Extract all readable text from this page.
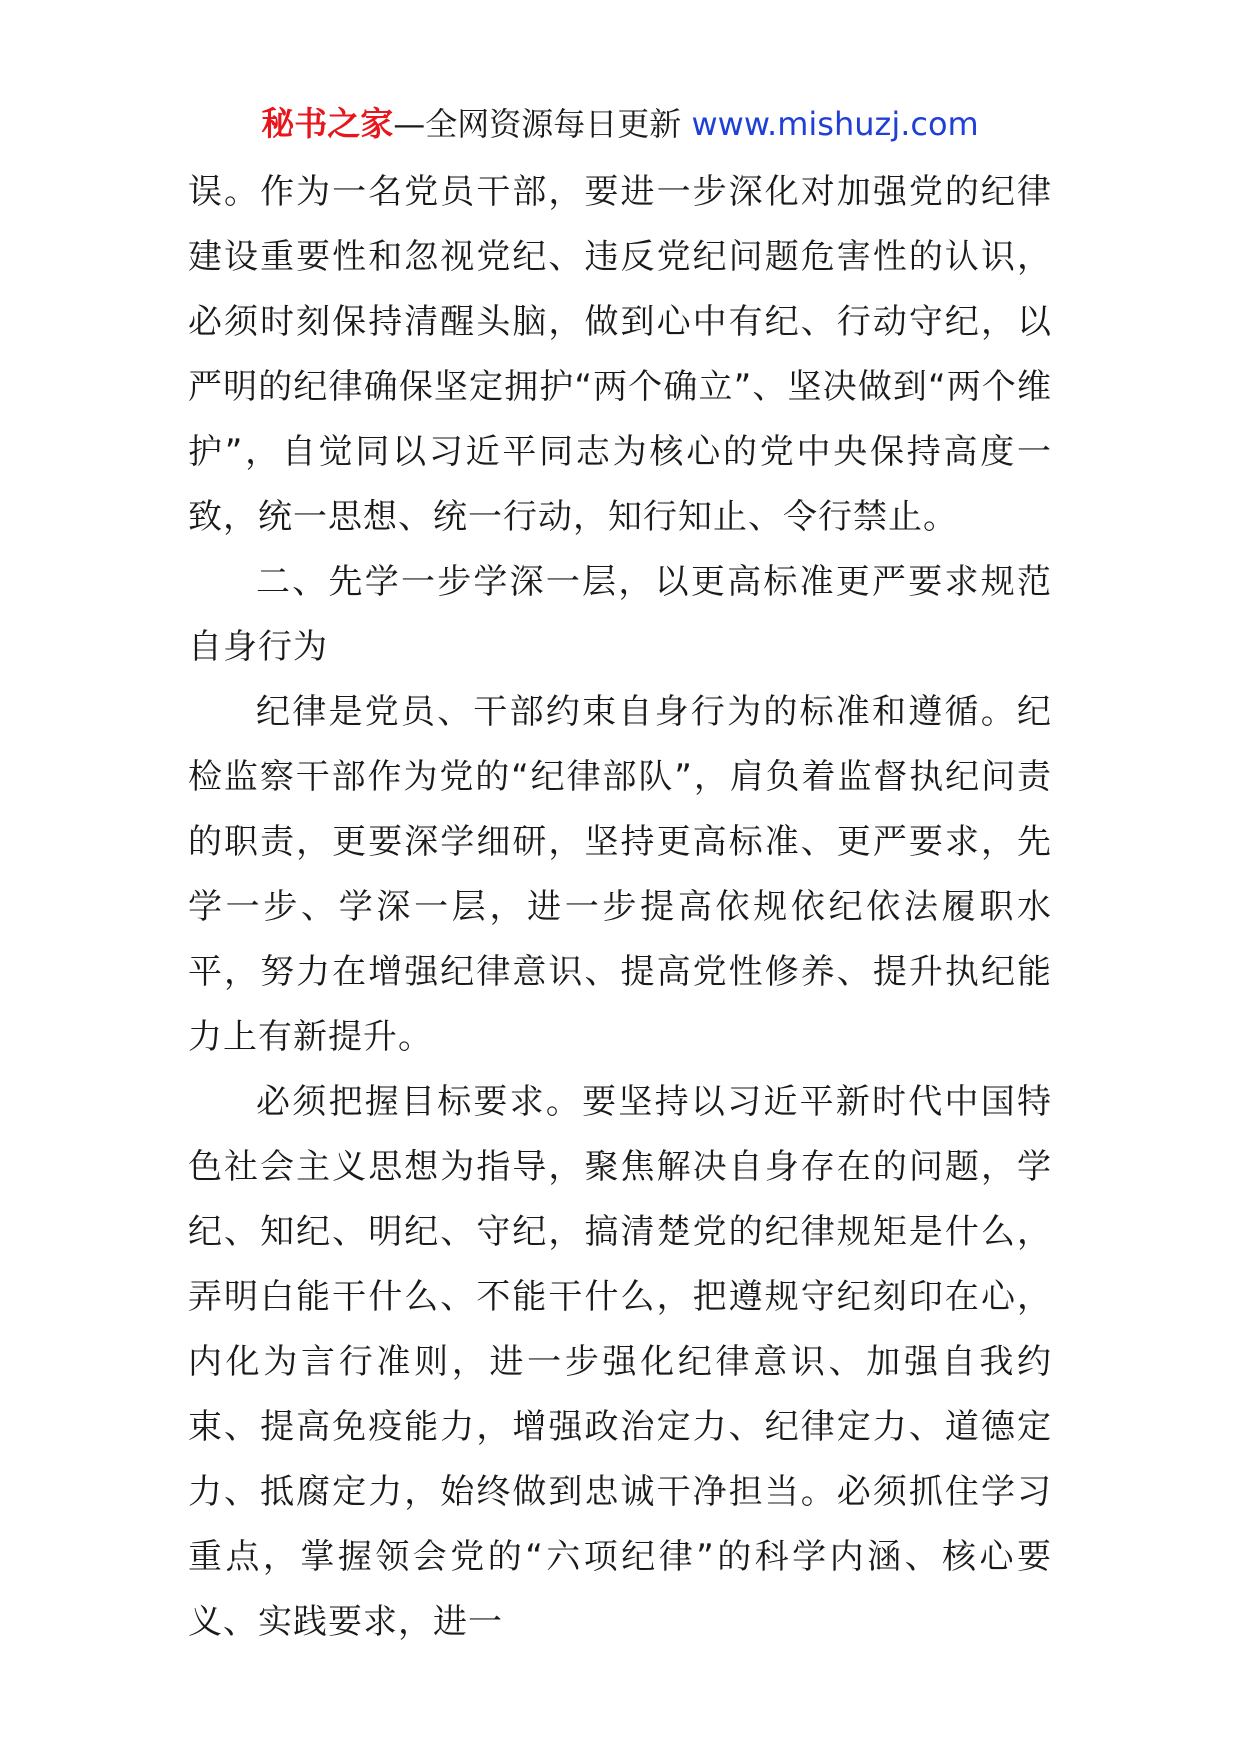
秘书之家—全网资源每日更新 www.mishuzj.com

误。作为一名党员干部，要进一步深化对加强党的纪律建设重要性和忽视党纪、违反党纪问题危害性的认识，必须时刻保持清醒头脑，做到心中有纪、行动守纪，以严明的纪律确保坚定拥护“两个确立”、坚决做到“两个维护”，自觉同以习近平同志为核心的党中央保持高度一致，统一思想、统一行动，知行知止、令行禁止。

二、先学一步学深一层，以更高标准更严要求规范自身行为

纪律是党员、干部约束自身行为的标准和遵循。纪检监察干部作为党的“纪律部队”，肩负着监督执纪问责的职责，更要深学细研，坚持更高标准、更严要求，先学一步、学深一层，进一步提高依规依纪依法履职水平，努力在增强纪律意识、提高党性修养、提升执纪能力上有新提升。

必须把握目标要求。要坚持以习近平新时代中国特色社会主义思想为指导，聚焦解决自身存在的问题，学纪、知纪、明纪、守纪，搞清楚党的纪律规矩是什么，弄明白能干什么、不能干什么，把遵规守纪刻印在心，内化为言行准则，进一步强化纪律意识、加强自我约束、提高免疫能力，增强政治定力、纪律定力、道德定力、抵腐定力，始终做到忠诚干净担当。必须抓住学习重点，掌握领会党的“六项纪律”的科学内涵、核心要义、实践要求，进一
